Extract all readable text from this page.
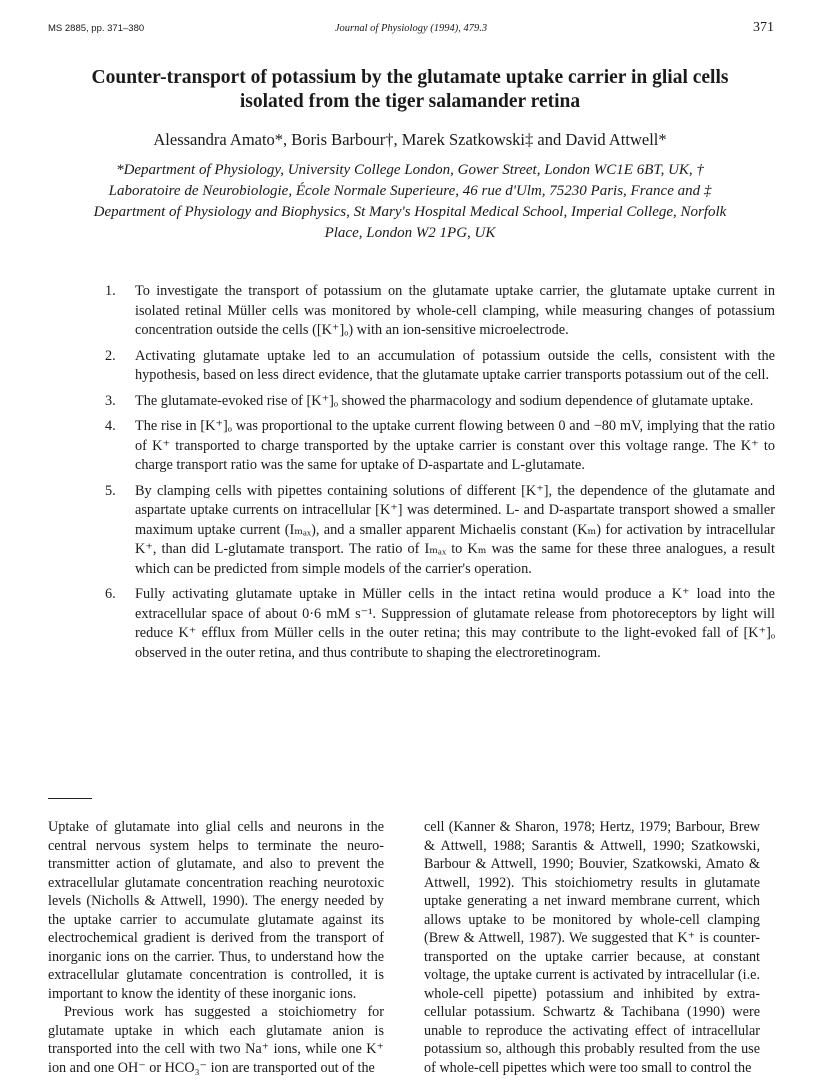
MS 2885, pp. 371–380	Journal of Physiology (1994), 479.3	371
Counter-transport of potassium by the glutamate uptake carrier in glial cells isolated from the tiger salamander retina
Alessandra Amato*, Boris Barbour†, Marek Szatkowski‡ and David Attwell*
*Department of Physiology, University College London, Gower Street, London WC1E 6BT, UK, † Laboratoire de Neurobiologie, École Normale Superieure, 46 rue d'Ulm, 75230 Paris, France and ‡ Department of Physiology and Biophysics, St Mary's Hospital Medical School, Imperial College, Norfolk Place, London W2 1PG, UK
1. To investigate the transport of potassium on the glutamate uptake carrier, the glutamate uptake current in isolated retinal Müller cells was monitored by whole-cell clamping, while measuring changes of potassium concentration outside the cells ([K⁺]ₒ) with an ion-sensitive microelectrode.
2. Activating glutamate uptake led to an accumulation of potassium outside the cells, consistent with the hypothesis, based on less direct evidence, that the glutamate uptake carrier transports potassium out of the cell.
3. The glutamate-evoked rise of [K⁺]ₒ showed the pharmacology and sodium dependence of glutamate uptake.
4. The rise in [K⁺]ₒ was proportional to the uptake current flowing between 0 and −80 mV, implying that the ratio of K⁺ transported to charge transported by the uptake carrier is constant over this voltage range. The K⁺ to charge transport ratio was the same for uptake of D-aspartate and L-glutamate.
5. By clamping cells with pipettes containing solutions of different [K⁺], the dependence of the glutamate and aspartate uptake currents on intracellular [K⁺] was determined. L- and D-aspartate transport showed a smaller maximum uptake current (Iₘₐₓ), and a smaller apparent Michaelis constant (Kₘ) for activation by intracellular K⁺, than did L-glutamate transport. The ratio of Iₘₐₓ to Kₘ was the same for these three analogues, a result which can be predicted from simple models of the carrier's operation.
6. Fully activating glutamate uptake in Müller cells in the intact retina would produce a K⁺ load into the extracellular space of about 0·6 mM s⁻¹. Suppression of glutamate release from photoreceptors by light will reduce K⁺ efflux from Müller cells in the outer retina; this may contribute to the light-evoked fall of [K⁺]ₒ observed in the outer retina, and thus contribute to shaping the electroretinogram.

Uptake of glutamate into glial cells and neurons in the central nervous system helps to terminate the neuro-transmitter action of glutamate, and also to prevent the extracellular glutamate concentration reaching neurotoxic levels (Nicholls & Attwell, 1990). The energy needed by the uptake carrier to accumulate glutamate against its electrochemical gradient is derived from the transport of inorganic ions on the carrier. Thus, to understand how the extracellular glutamate concentration is controlled, it is important to know the identity of these inorganic ions.

Previous work has suggested a stoichiometry for glutamate uptake in which each glutamate anion is transported into the cell with two Na⁺ ions, while one K⁺ ion and one OH⁻ or HCO₃⁻ ion are transported out of the

cell (Kanner & Sharon, 1978; Hertz, 1979; Barbour, Brew & Attwell, 1988; Sarantis & Attwell, 1990; Szatkowski, Barbour & Attwell, 1990; Bouvier, Szatkowski, Amato & Attwell, 1992). This stoichiometry results in glutamate uptake generating a net inward membrane current, which allows uptake to be monitored by whole-cell clamping (Brew & Attwell, 1987). We suggested that K⁺ is counter-transported on the uptake carrier because, at constant voltage, the uptake current is activated by intracellular (i.e. whole-cell pipette) potassium and inhibited by extra-cellular potassium. Schwartz & Tachibana (1990) were unable to reproduce the activating effect of intracellular potassium so, although this probably resulted from the use of whole-cell pipettes which were too small to control the
